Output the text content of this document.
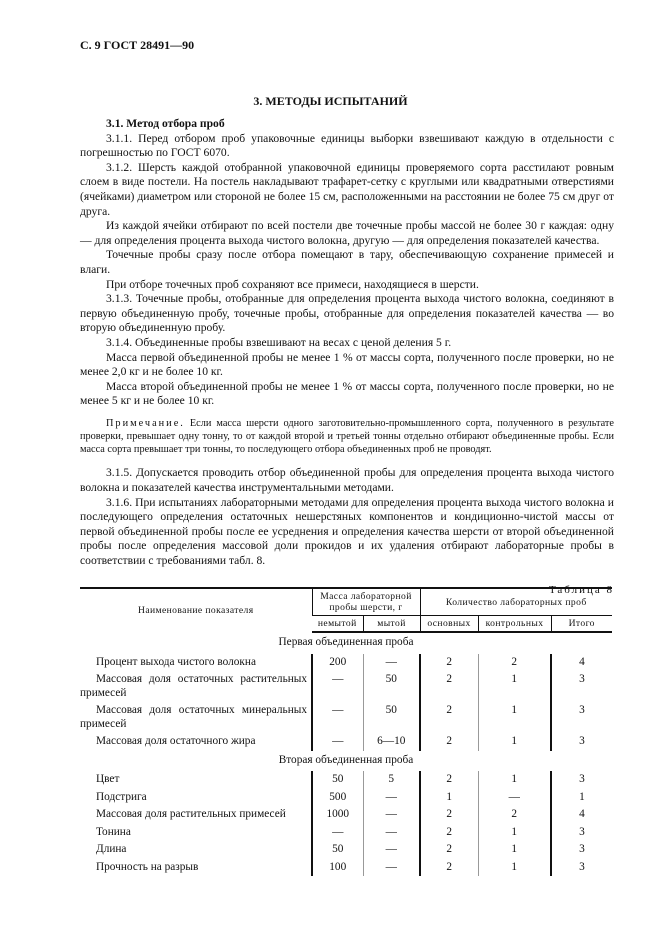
С. 9 ГОСТ 28491—90
3. МЕТОДЫ ИСПЫТАНИЙ

3.1. Метод отбора проб

3.1.1. Перед отбором проб упаковочные единицы выборки взвешивают каждую в отдельности с погрешностью по ГОСТ 6070.

3.1.2. Шерсть каждой отобранной упаковочной единицы проверяемого сорта расстилают ровным слоем в виде постели. На постель накладывают трафарет-сетку с круглыми или квадратными отверстиями (ячейками) диаметром или стороной не более 15 см, расположенными на расстоянии не более 75 см друг от друга.

Из каждой ячейки отбирают по всей постели две точечные пробы массой не более 30 г каждая: одну — для определения процента выхода чистого волокна, другую — для определения показателей качества.

Точечные пробы сразу после отбора помещают в тару, обеспечивающую сохранение примесей и влаги.

При отборе точечных проб сохраняют все примеси, находящиеся в шерсти.

3.1.3. Точечные пробы, отобранные для определения процента выхода чистого волокна, соединяют в первую объединенную пробу, точечные пробы, отобранные для определения показателей качества — во вторую объединенную пробу.

3.1.4. Объединенные пробы взвешивают на весах с ценой деления 5 г.

Масса первой объединенной пробы не менее 1 % от массы сорта, полученного после проверки, но не менее 2,0 кг и не более 10 кг.

Масса второй объединенной пробы не менее 1 % от массы сорта, полученного после проверки, но не менее 5 кг и не более 10 кг.

Примечание. Если масса шерсти одного заготовительно-промышленного сорта, полученного в результате проверки, превышает одну тонну, то от каждой второй и третьей тонны отдельно отбирают объединенные пробы. Если масса сорта превышает три тонны, то последующего отбора объединенных проб не проводят.

3.1.5. Допускается проводить отбор объединенной пробы для определения процента выхода чистого волокна и показателей качества инструментальными методами.

3.1.6. При испытаниях лабораторными методами для определения процента выхода чистого волокна и последующего определения остаточных нешерстяных компонентов и кондиционно-чистой массы от первой объединенной пробы после ее усреднения и определения качества шерсти от второй объединенной пробы после определения массовой доли прокидов и их удаления отбирают лабораторные пробы в соответствии с требованиями табл. 8.

Таблица 8
Наименование показателя	Масса лабораторной пробы шерсти, г		Количество лабораторных проб		
	немытой	мытой	основных	контрольных	Итого
Первая объединенная проба					
Процент выхода чистого волокна	200	—	2	2	4
Массовая доля остаточных растительных примесей	—	50	2	1	3
Массовая доля остаточных минеральных примесей	—	50	2	1	3
Массовая доля остаточного жира	—	6—10	2	1	3
Вторая объединенная проба					
Цвет	50	5	2	1	3
Подстрига	500	—	1	—	1
Массовая доля растительных примесей	1000	—	2	2	4
Тонина	—	—	2	1	3
Длина	50	—	2	1	3
Прочность на разрыв	100	—	2	1	3
